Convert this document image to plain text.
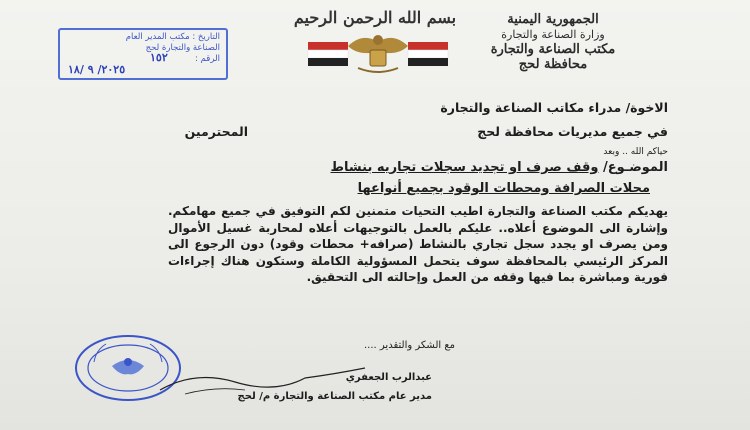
الجمهورية اليمنية
وزارة الصناعة والتجارة
مكتب الصناعة والتجارة
محافظة لحج
بسم الله الرحمن الرحيم
التاريخ : مكتب المدير العام
الصناعة والتجارة لحج
الرقم :
١٥٢
٢٠٢٥/ ٩ /١٨
الاخوة/ مدراء مكاتب الصناعة والتجارة
في جميع مديريات محافظة لحج
المحترمين
حياكم الله .. وبعد
الموضـوع/ وقف صرف او تجديد سجلات تجاريه بنشاط
محلات الصرافة ومحطات الوقود بجميع أنواعها
يهديكم مكتب الصناعة والتجارة اطيب التحيات متمنين لكم التوفيق في جميع مهامكم. وإشارة الى الموضوع أعلاه.. عليكم بالعمل بالتوجيهات أعلاه لمحاربة غسيل الأموال ومن يصرف او يجدد سجل تجاري بالنشاط (صرافه+ محطات وقود) دون الرجوع الى المركز الرئيسي بالمحافظة سوف يتحمل المسؤولية الكاملة وستكون هناك إجراءات فورية ومباشرة بما فيها وقفه من العمل وإحالته الى التحقيق.
مع الشكر والتقدير ....
عبدالرب الجعفري
مدير عام مكتب الصناعة والتجارة م/ لحج
